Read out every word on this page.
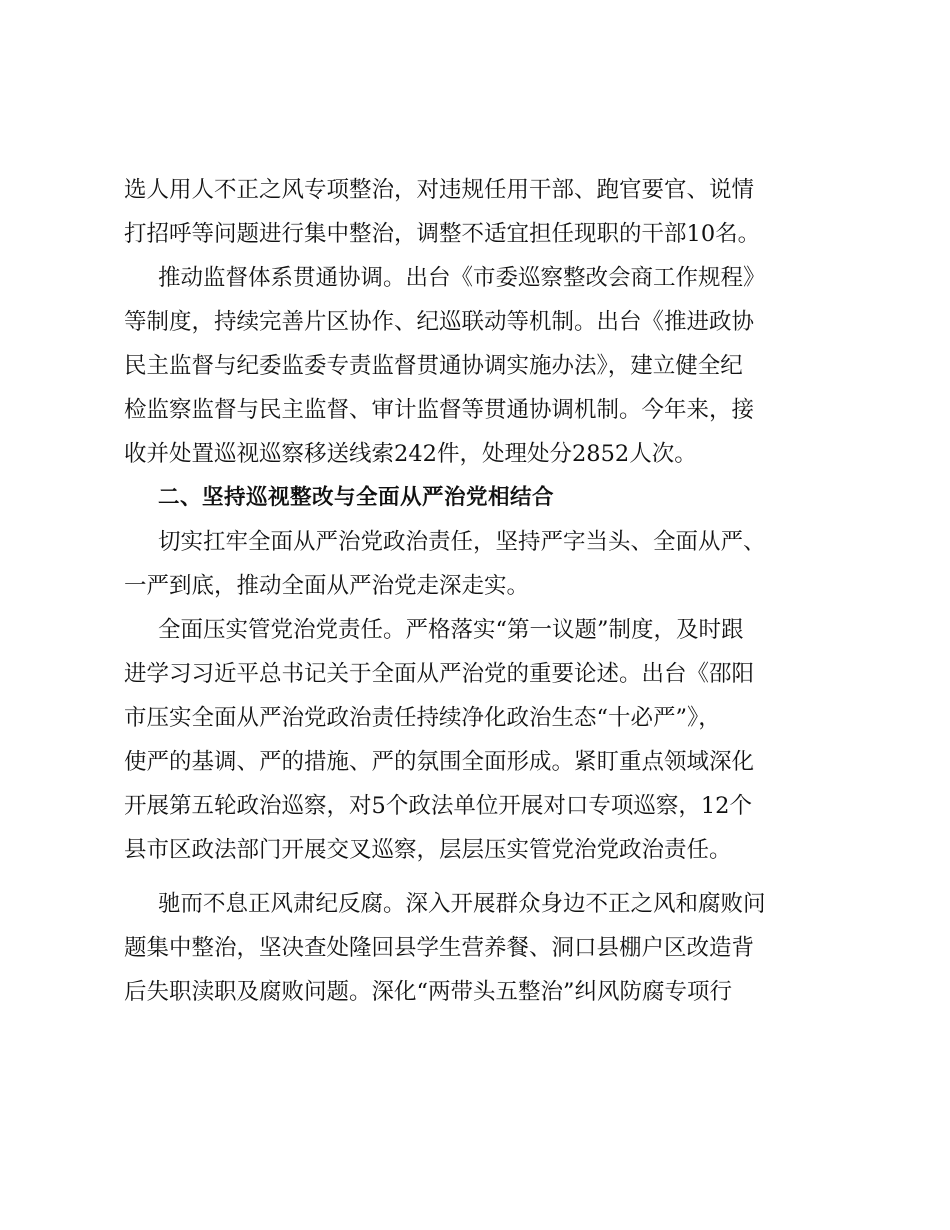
选人用人不正之风专项整治，对违规任用干部、跑官要官、说情
打招呼等问题进行集中整治，调整不适宜担任现职的干部10名。
推动监督体系贯通协调。出台《市委巡察整改会商工作规程》
等制度，持续完善片区协作、纪巡联动等机制。出台《推进政协
民主监督与纪委监委专责监督贯通协调实施办法》，建立健全纪
检监察监督与民主监督、审计监督等贯通协调机制。今年来，接
收并处置巡视巡察移送线索242件，处理处分2852人次。
二、坚持巡视整改与全面从严治党相结合
切实扛牢全面从严治党政治责任，坚持严字当头、全面从严、
一严到底，推动全面从严治党走深走实。
全面压实管党治党责任。严格落实“第一议题”制度，及时跟
进学习习近平总书记关于全面从严治党的重要论述。出台《邵阳
市压实全面从严治党政治责任持续净化政治生态“十必严”》，
使严的基调、严的措施、严的氛围全面形成。紧盯重点领域深化
开展第五轮政治巡察，对5个政法单位开展对口专项巡察，12个
县市区政法部门开展交叉巡察，层层压实管党治党政治责任。
驰而不息正风肃纪反腐。深入开展群众身边不正之风和腐败问
题集中整治，坚决查处隆回县学生营养餐、洞口县棚户区改造背
后失职渎职及腐败问题。深化“两带头五整治”纠风防腐专项行
